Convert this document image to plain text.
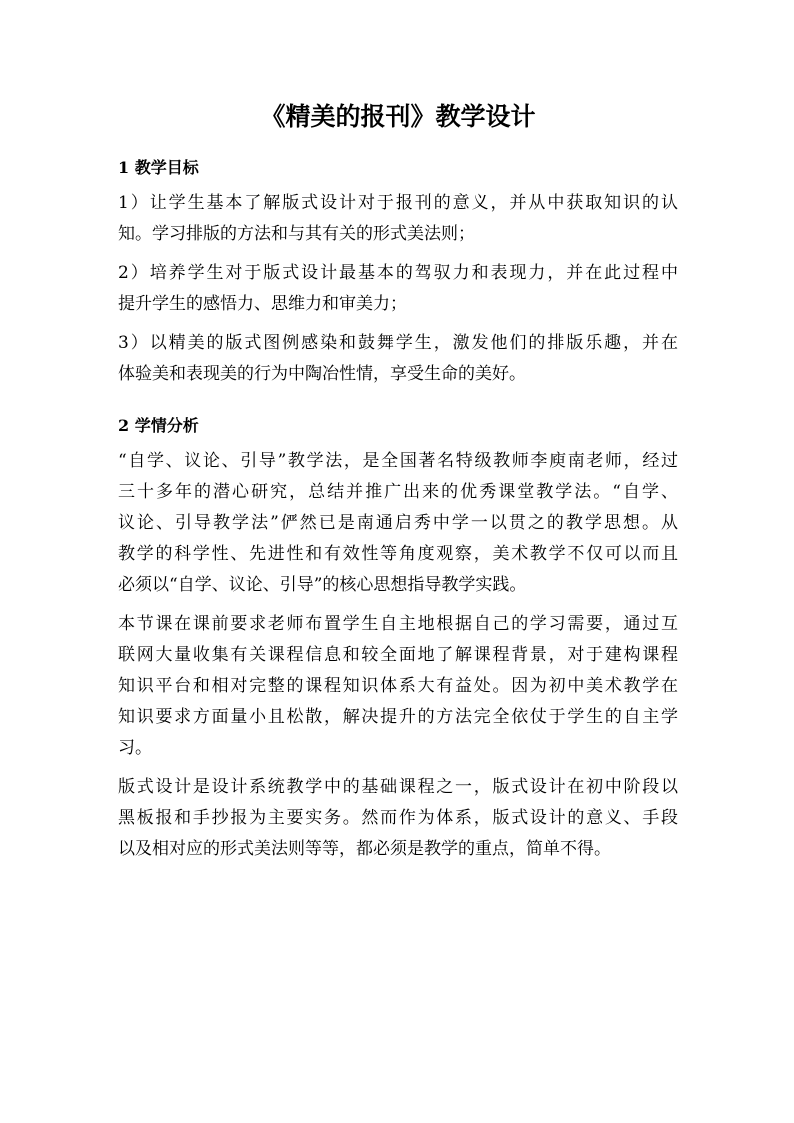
《精美的报刊》教学设计
1 教学目标

1）让学生基本了解版式设计对于报刊的意义，并从中获取知识的认
知。学习排版的方法和与其有关的形式美法则；

2）培养学生对于版式设计最基本的驾驭力和表现力，并在此过程中
提升学生的感悟力、思维力和审美力；

3）以精美的版式图例感染和鼓舞学生，激发他们的排版乐趣，并在
体验美和表现美的行为中陶冶性情，享受生命的美好。

2 学情分析

“自学、议论、引导”教学法，是全国著名特级教师李庾南老师，经过
三十多年的潜心研究，总结并推广出来的优秀课堂教学法。“自学、
议论、引导教学法”俨然已是南通启秀中学一以贯之的教学思想。从
教学的科学性、先进性和有效性等角度观察，美术教学不仅可以而且
必须以“自学、议论、引导”的核心思想指导教学实践。

本节课在课前要求老师布置学生自主地根据自己的学习需要，通过互
联网大量收集有关课程信息和较全面地了解课程背景，对于建构课程
知识平台和相对完整的课程知识体系大有益处。因为初中美术教学在
知识要求方面量小且松散，解决提升的方法完全依仗于学生的自主学
习。

版式设计是设计系统教学中的基础课程之一，版式设计在初中阶段以
黑板报和手抄报为主要实务。然而作为体系，版式设计的意义、手段
以及相对应的形式美法则等等，都必须是教学的重点，简单不得。
